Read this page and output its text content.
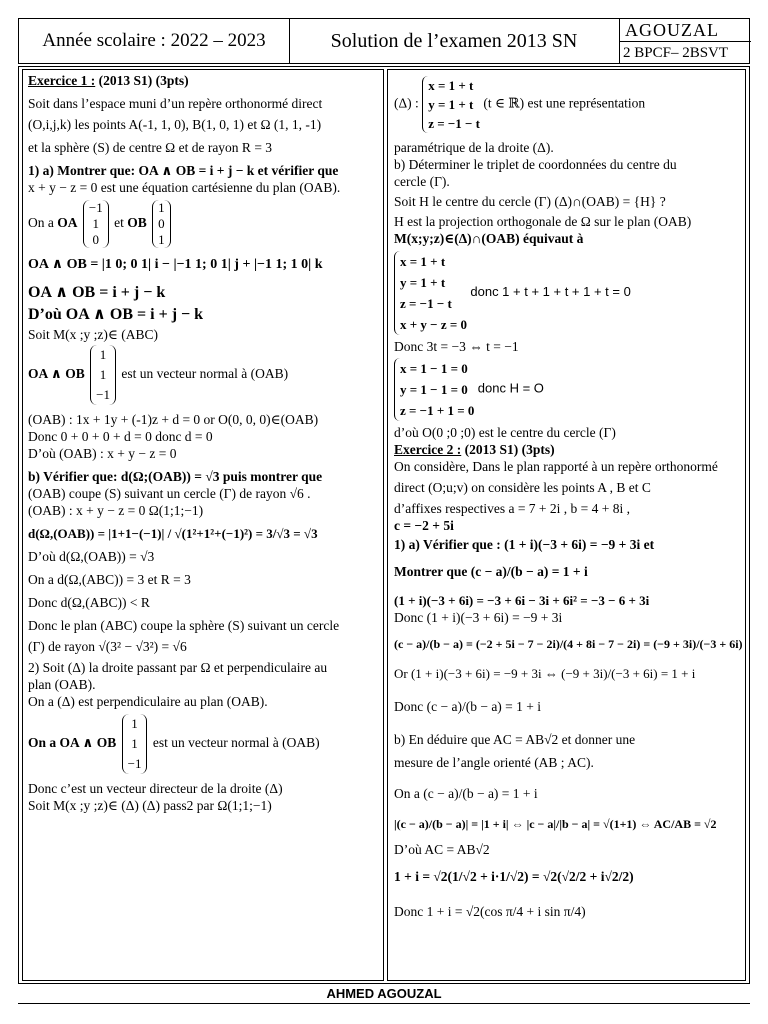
Année scolaire : 2022 – 2023	Solution de l’examen 2013 SN	AGOUZAL
2 BPCF– 2BSVT
Exercice 1 : (2013 S1) (3pts)
Soit dans l’espace muni d’un repère orthonormé direct
(O,i,j,k) les points A(-1, 1, 0), B(1, 0, 1) et Ω (1, 1, -1)
et la sphère (S) de centre Ω et de rayon R = 3
1) a) Montrer que: OA ∧ OB = i + j − k et vérifier que
x + y − z = 0 est une équation cartésienne du plan (OAB).
On a OA
−1
1
0
et OB
1
0
1
OA ∧ OB = |1 0; 0 1| i − |−1 1; 0 1| j + |−1 1; 1 0| k
OA ∧ OB = i + j − k
D’où OA ∧ OB = i + j − k
Soit M(x ;y ;z)∈ (ABC)
OA ∧ OB
1
1
−1
est un vecteur normal à (OAB)
(OAB) : 1x + 1y + (-1)z + d = 0 or O(0, 0, 0)∈(OAB)
Donc 0 + 0 + 0 + d = 0 donc d = 0
D’où (OAB) : x + y − z = 0
b) Vérifier que: d(Ω;(OAB)) = √3 puis montrer que
(OAB) coupe (S) suivant un cercle (Γ) de rayon √6 .
(OAB) : x + y − z = 0 Ω(1;1;−1)
d(Ω,(OAB)) = |1+1−(−1)| / √(1²+1²+(−1)²) = 3/√3 = √3
D’où d(Ω,(OAB)) = √3
On a d(Ω,(ABC)) = 3 et R = 3
Donc d(Ω,(ABC)) < R
Donc le plan (ABC) coupe la sphère (S) suivant un cercle
(Γ) de rayon √(3² − √3²) = √6
2) Soit (Δ) la droite passant par Ω et perpendiculaire au
plan (OAB).
On a (Δ) est perpendiculaire au plan (OAB).
On a OA ∧ OB
1
1
−1
est un vecteur normal à (OAB)
Donc c’est un vecteur directeur de la droite (Δ)
Soit M(x ;y ;z)∈ (Δ) (Δ) pass2 par Ω(1;1;−1)
(Δ) :
x = 1 + t
y = 1 + t
z = −1 − t
(t ∈ ℝ) est une représentation
paramétrique de la droite (Δ).
b) Déterminer le triplet de coordonnées du centre du
cercle (Γ).
Soit H le centre du cercle (Γ) (Δ)∩(OAB) = {H} ?
H est la projection orthogonale de Ω sur le plan (OAB)
M(x;y;z)∈(Δ)∩(OAB) équivaut à
x = 1 + t
y = 1 + t
z = −1 − t
x + y − z = 0
donc 1 + t + 1 + t + 1 + t = 0
Donc 3t = −3 ⇔ t = −1
x = 1 − 1 = 0
y = 1 − 1 = 0
z = −1 + 1 = 0
donc H = O
d’où O(0 ;0 ;0) est le centre du cercle (Γ)
Exercice 2 : (2013 S1) (3pts)
On considère, Dans le plan rapporté à un repère orthonormé
direct (O;u;v) on considère les points A , B et C
d’affixes respectives a = 7 + 2i , b = 4 + 8i ,
c = −2 + 5i
1) a) Vérifier que : (1 + i)(−3 + 6i) = −9 + 3i et
Montrer que (c − a)/(b − a) = 1 + i
(1 + i)(−3 + 6i) = −3 + 6i − 3i + 6i² = −3 − 6 + 3i
Donc (1 + i)(−3 + 6i) = −9 + 3i
(c − a)/(b − a) = (−2 + 5i − 7 − 2i)/(4 + 8i − 7 − 2i) = (−9 + 3i)/(−3 + 6i)
Or (1 + i)(−3 + 6i) = −9 + 3i ⇔ (−9 + 3i)/(−3 + 6i) = 1 + i
Donc (c − a)/(b − a) = 1 + i
b) En déduire que AC = AB√2 et donner une
mesure de l’angle orienté (AB ; AC).
On a (c − a)/(b − a) = 1 + i
|(c − a)/(b − a)| = |1 + i| ⇔ |c − a|/|b − a| = √(1+1) ⇔ AC/AB = √2
D’où AC = AB√2
1 + i = √2(1/√2 + i·1/√2) = √2(√2/2 + i√2/2)
Donc 1 + i = √2(cos π/4 + i sin π/4)
AHMED AGOUZAL
